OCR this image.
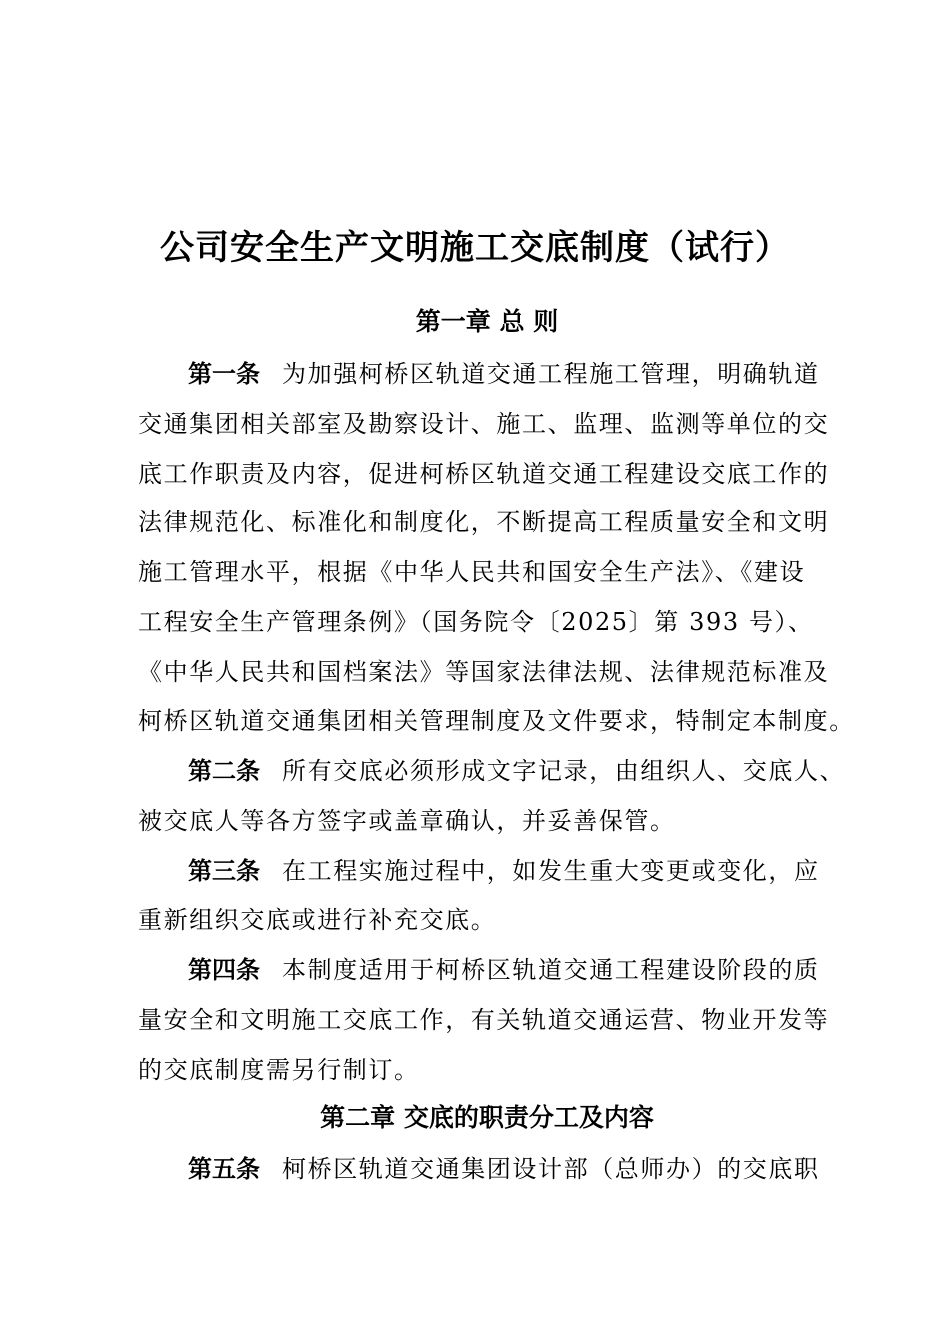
公司安全生产文明施工交底制度（试行）
第一章 总 则
第一条 为加强柯桥区轨道交通工程施工管理，明确轨道
交通集团相关部室及勘察设计、施工、监理、监测等单位的交
底工作职责及内容，促进柯桥区轨道交通工程建设交底工作的
法律规范化、标准化和制度化，不断提高工程质量安全和文明
施工管理水平，根据《中华人民共和国安全生产法》、《建设
工程安全生产管理条例》（国务院令〔2025〕第 393 号）、
《中华人民共和国档案法》等国家法律法规、法律规范标准及
柯桥区轨道交通集团相关管理制度及文件要求，特制定本制度。
第二条 所有交底必须形成文字记录，由组织人、交底人、
被交底人等各方签字或盖章确认，并妥善保管。
第三条 在工程实施过程中，如发生重大变更或变化，应
重新组织交底或进行补充交底。
第四条 本制度适用于柯桥区轨道交通工程建设阶段的质
量安全和文明施工交底工作，有关轨道交通运营、物业开发等
的交底制度需另行制订。
第二章 交底的职责分工及内容
第五条 柯桥区轨道交通集团设计部（总师办）的交底职
